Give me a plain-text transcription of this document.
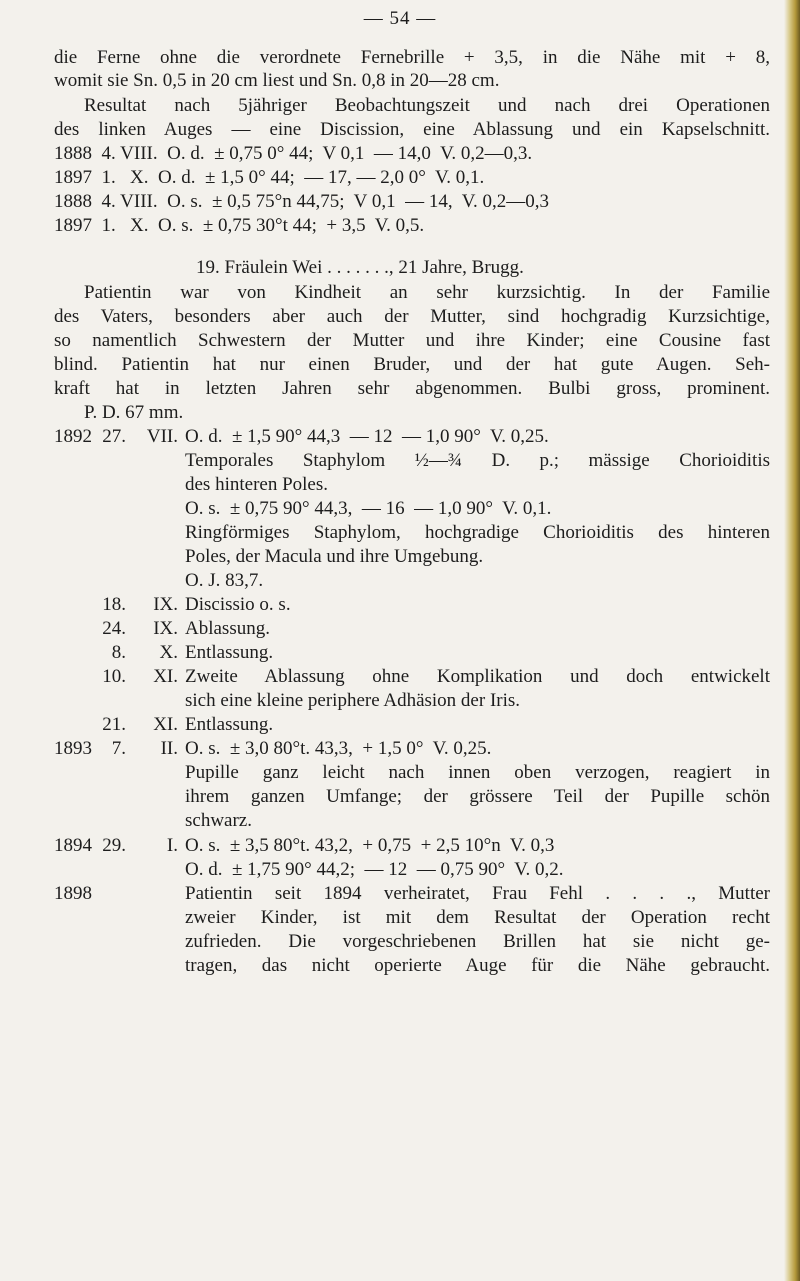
— 54 —
die Ferne ohne die verordnete Fernebrille + 3,5, in die Nähe mit + 8,
womit sie Sn. 0,5 in 20 cm liest und Sn. 0,8 in 20—28 cm.
Resultat nach 5jähriger Beobachtungszeit und nach drei Operationen
des linken Auges — eine Discission, eine Ablassung und ein Kapselschnitt.
1888  4. VIII.  O. d.  ± 0,75 0° 44;  V 0,1  — 14,0  V. 0,2—0,3.
1897  1.   X.  O. d.  ± 1,5 0° 44;  — 17, — 2,0 0°  V. 0,1.
1888  4. VIII.  O. s.  ± 0,5 75°n 44,75;  V 0,1  — 14,  V. 0,2—0,3
1897  1.   X.  O. s.  ± 0,75 30°t 44;  + 3,5  V. 0,5.
19. Fräulein Wei . . . . . . ., 21 Jahre, Brugg.
Patientin war von Kindheit an sehr kurzsichtig. In der Familie
des Vaters, besonders aber auch der Mutter, sind hochgradig Kurzsichtige,
so namentlich Schwestern der Mutter und ihre Kinder; eine Cousine fast
blind. Patientin hat nur einen Bruder, und der hat gute Augen. Seh-
kraft hat in letzten Jahren sehr abgenommen. Bulbi gross, prominent.
P. D. 67 mm.
1892 27.	VII. O. d.  ± 1,5 90° 44,3  — 12  — 1,0 90°  V. 0,25.
Temporales Staphylom ½—¾ D. p.; mässige Chorioiditis
des hinteren Poles.
O. s.  ± 0,75 90° 44,3,  — 16  — 1,0 90°  V. 0,1.
Ringförmiges Staphylom, hochgradige Chorioiditis des hinteren
Poles, der Macula und ihre Umgebung.
O. J. 83,7.
18.	IX. Discissio o. s.
24.	IX. Ablassung.
8.	X. Entlassung.
10.	XI. Zweite Ablassung ohne Komplikation und doch entwickelt
sich eine kleine periphere Adhäsion der Iris.
21.	XI. Entlassung.
1893	7.	II. O. s.  ± 3,0 80°t. 43,3,  + 1,5 0°  V. 0,25.
Pupille ganz leicht nach innen oben verzogen, reagiert in
ihrem ganzen Umfange; der grössere Teil der Pupille schön
schwarz.
1894 29.	I. O. s.  ± 3,5 80°t. 43,2,  + 0,75  + 2,5 10°n  V. 0,3
O. d.  ± 1,75 90° 44,2;  — 12  — 0,75 90°  V. 0,2.
1898	Patientin seit 1894 verheiratet, Frau Fehl . . . ., Mutter
zweier Kinder, ist mit dem Resultat der Operation recht
zufrieden. Die vorgeschriebenen Brillen hat sie nicht ge-
tragen, das nicht operierte Auge für die Nähe gebraucht.
